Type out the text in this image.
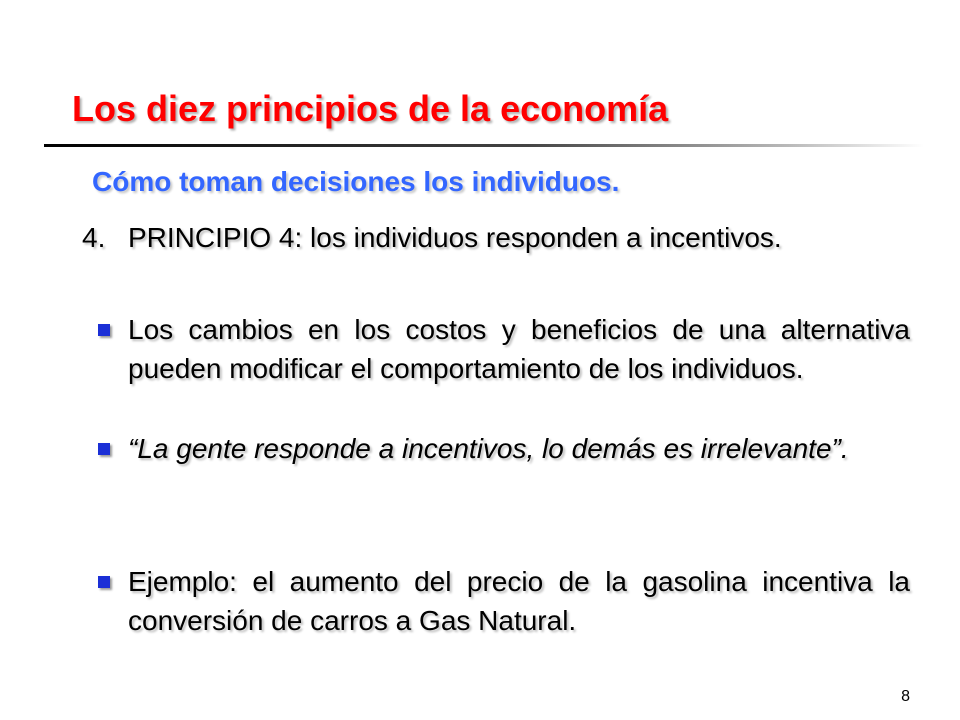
Los diez principios de la economía
Cómo toman decisiones los individuos.
4. PRINCIPIO 4: los individuos responden a incentivos.
Los cambios en los costos y beneficios de una alternativa pueden modificar el comportamiento de los individuos.
“La gente responde a incentivos, lo demás es irrelevante”.
Ejemplo: el aumento del precio de la gasolina incentiva la conversión de carros a Gas Natural.
8
